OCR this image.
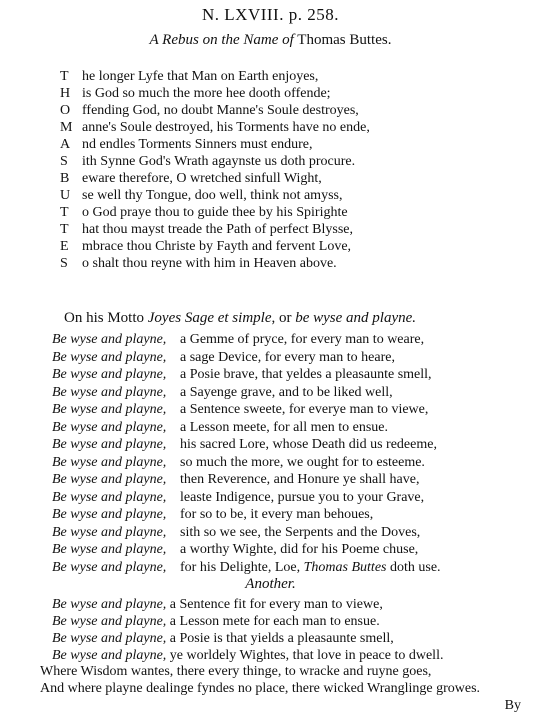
N. LXVIII. p. 258.
A Rebus on the Name of Thomas Buttes.
T he longer Lyfe that Man on Earth enjoyes,
H is God so much the more hee dooth offende;
O ffending God, no doubt Manne's Soule destroyes,
M anne's Soule destroyed, his Torments have no ende,
A nd endles Torments Sinners must endure,
S ith Synne God's Wrath agaynste us doth procure.
B eware therefore, O wretched sinfull Wight,
U se well thy Tongue, doo well, think not amyss,
T o God praye thou to guide thee by his Spirighte
T hat thou mayst treade the Path of perfect Blysse,
E mbrace thou Christe by Fayth and fervent Love,
S o shalt thou reyne with him in Heaven above.
On his Motto Joyes Sage et simple, or be wyse and playne.
Be wyse and playne, a Gemme of pryce, for every man to weare,
Be wyse and playne, a sage Device, for every man to heare,
Be wyse and playne, a Posie brave, that yeldes a pleasaunte smell,
Be wyse and playne, a Sayenge grave, and to be liked well,
Be wyse and playne, a Sentence sweete, for everye man to viewe,
Be wyse and playne, a Lesson meete, for all men to ensue.
Be wyse and playne, his sacred Lore, whose Death did us redeeme,
Be wyse and playne, so much the more, we ought for to esteeme.
Be wyse and playne, then Reverence, and Honure ye shall have,
Be wyse and playne, leaste Indigence, pursue you to your Grave,
Be wyse and playne, for so to be, it every man behoues,
Be wyse and playne, sith so we see, the Serpents and the Doves,
Be wyse and playne, a worthy Wighte, did for his Poeme chuse,
Be wyse and playne, for his Delighte, Loe, Thomas Buttes doth use.
Another.
Be wyse and playne, a Sentence fit for every man to viewe,
Be wyse and playne, a Lesson mete for each man to ensue.
Be wyse and playne, a Posie is that yields a pleasaunte smell,
Be wyse and playne, ye worldely Wightes, that love in peace to dwell.
Where Wisdom wantes, there every thinge, to wracke and ruyne goes,
And where playne dealinge fyndes no place, there wicked Wranglinge growes.
By
